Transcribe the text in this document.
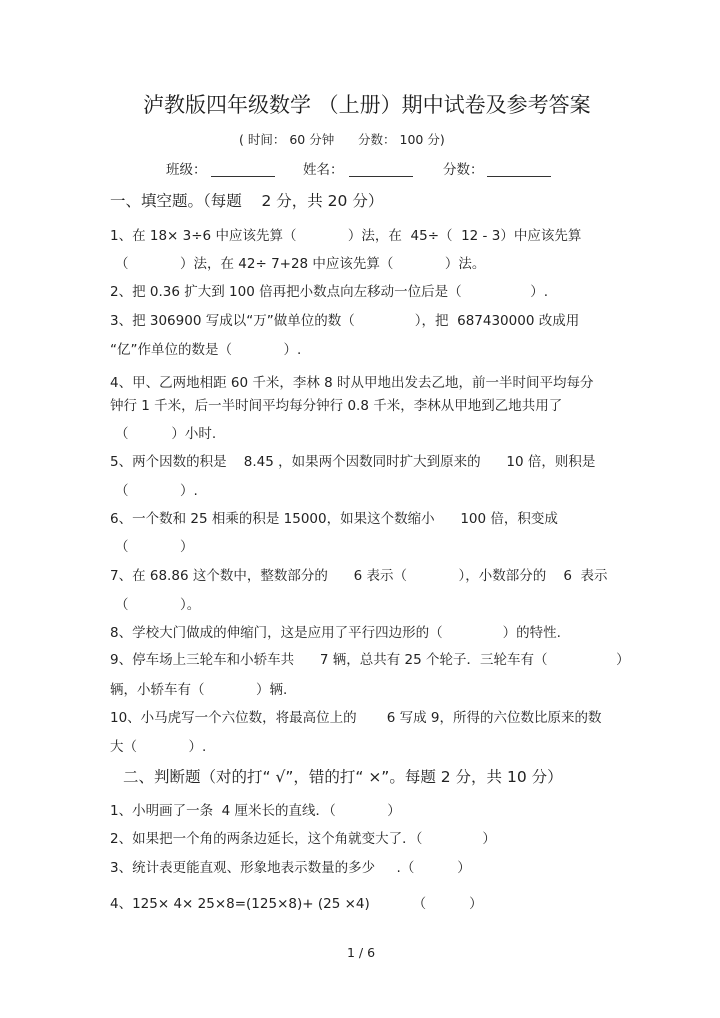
泸教版四年级数学 （上册）期中试卷及参考答案
( 时间： 60 分钟      分数： 100 分)
班级：	姓名：	分数：
一、填空题。（每题    2 分，共 20 分）
1、在 18× 3÷6 中应该先算（            ）法，在  45÷（  12 - 3）中应该先算
（            ）法，在 42÷ 7+28 中应该先算（            ）法。
2、把 0.36 扩大到 100 倍再把小数点向左移动一位后是（                ）.
3、把 306900 写成以“万”做单位的数（              ），把  687430000 改成用
“亿”作单位的数是（            ）.
4、甲、乙两地相距 60 千米，李林 8 时从甲地出发去乙地，前一半时间平均每分
钟行 1 千米，后一半时间平均每分钟行 0.8 千米，李林从甲地到乙地共用了
（          ）小时.
5、两个因数的积是    8.45 ，如果两个因数同时扩大到原来的      10 倍，则积是
（            ）.
6、一个数和 25 相乘的积是 15000，如果这个数缩小      100 倍，积变成
（            ）
7、在 68.86 这个数中，整数部分的      6 表示（            ），小数部分的    6  表示
（            ）。
8、学校大门做成的伸缩门，这是应用了平行四边形的（              ）的特性.
9、停车场上三轮车和小轿车共      7 辆，总共有 25 个轮子．三轮车有（                ）
辆，小轿车有（            ）辆.
10、小马虎写一个六位数，将最高位上的       6 写成 9，所得的六位数比原来的数
大（            ）.
二、判断题（对的打“ √”，错的打“ ×”。每题 2 分，共 10 分）
1、小明画了一条  4 厘米长的直线．（            ）
2、如果把一个角的两条边延长，这个角就变大了．（              ）
3、统计表更能直观、形象地表示数量的多少     .（          ）
4、125× 4× 25×8=(125×8)+ (25 ×4)          （          ）
1 / 6
